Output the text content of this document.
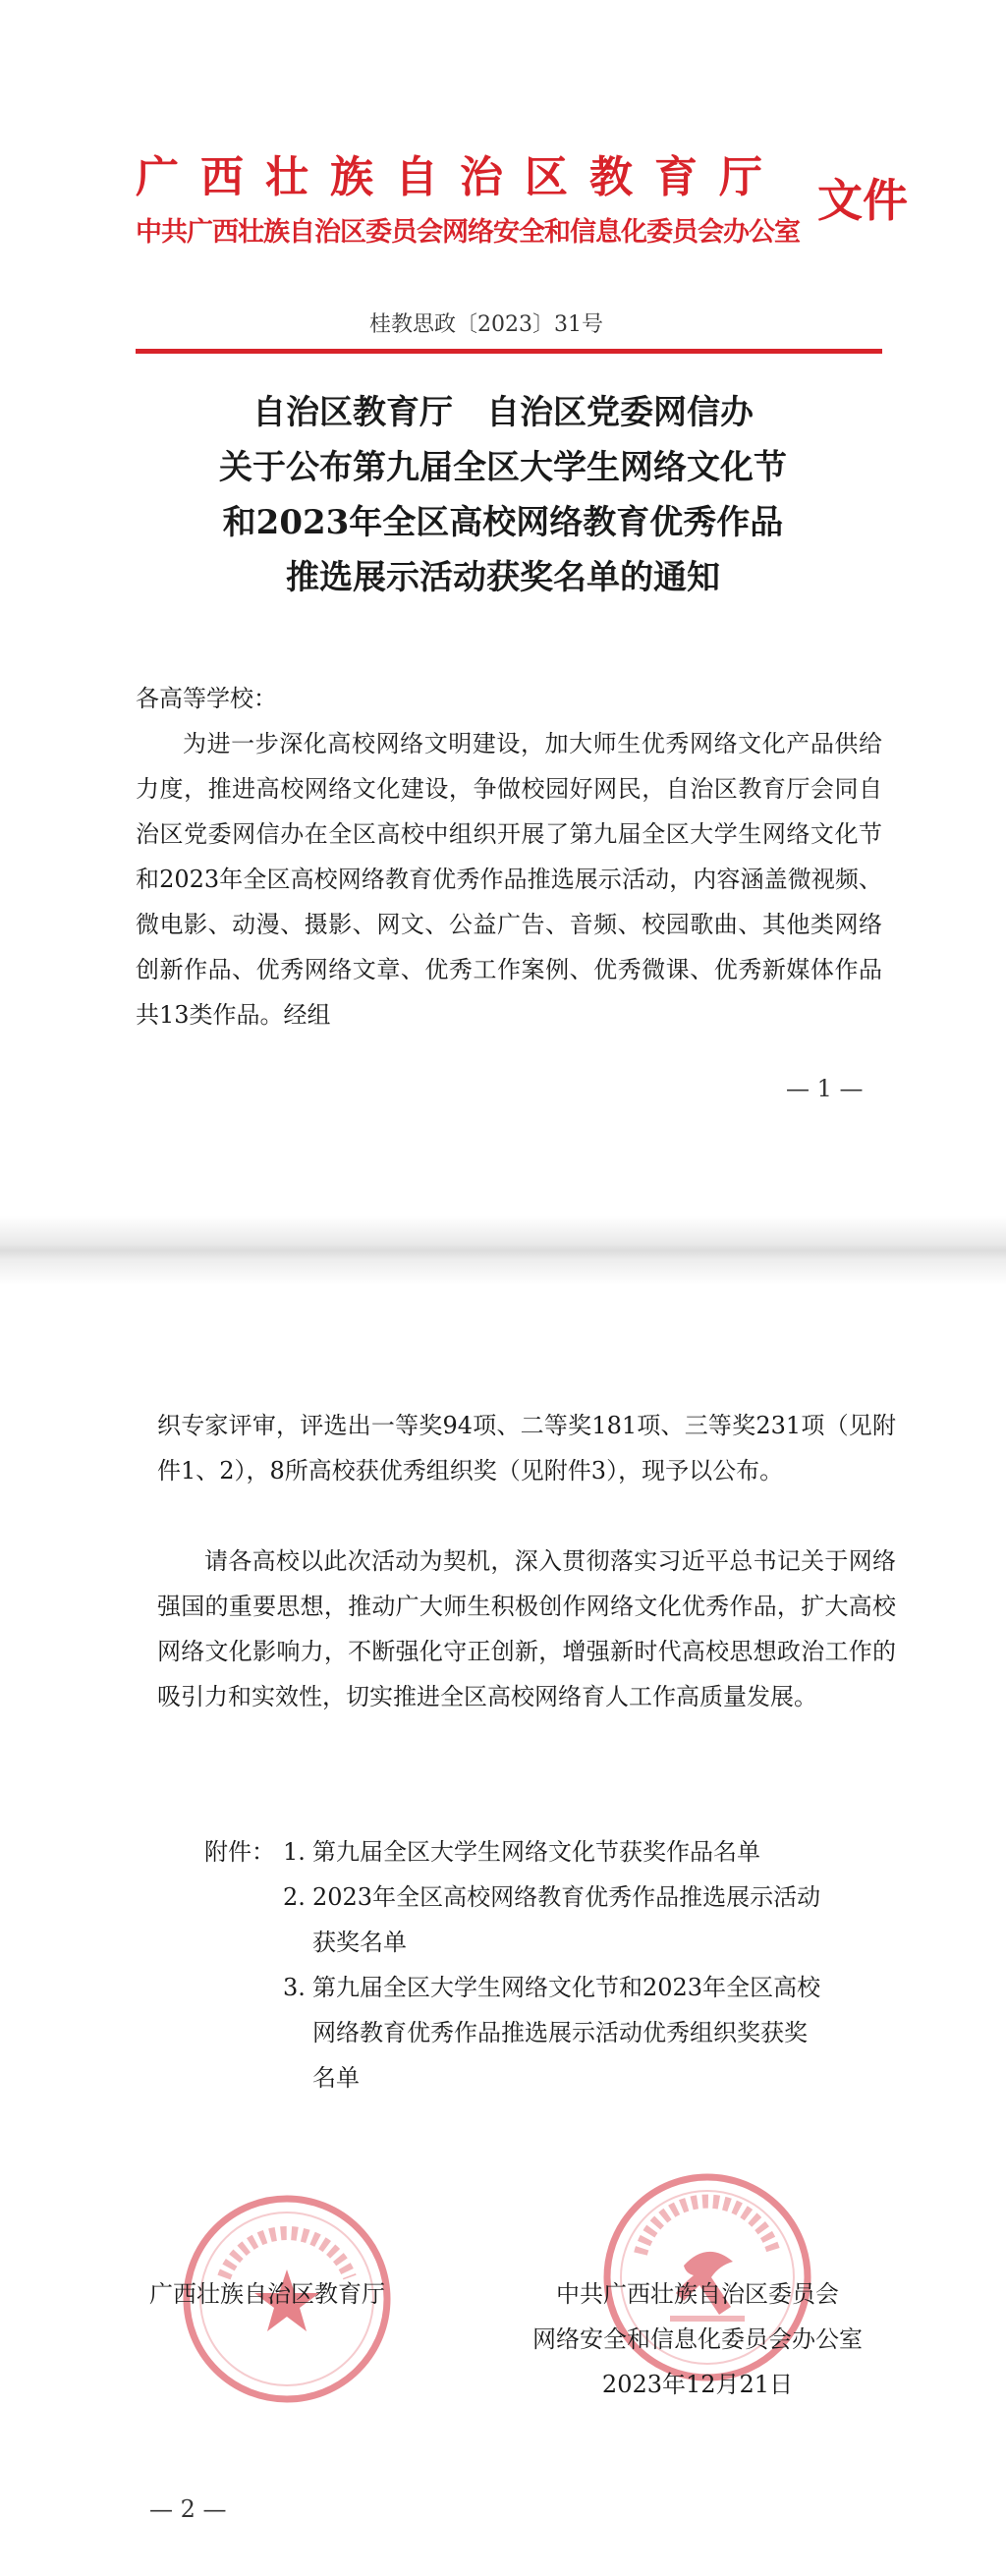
广西壮族自治区教育厅
中共广西壮族自治区委员会网络安全和信息化委员会办公室
文件
桂教思政〔2023〕31号
自治区教育厅　自治区党委网信办
关于公布第九届全区大学生网络文化节
和2023年全区高校网络教育优秀作品
推选展示活动获奖名单的通知
各高等学校：
为进一步深化高校网络文明建设，加大师生优秀网络文化产品供给力度，推进高校网络文化建设，争做校园好网民，自治区教育厅会同自治区党委网信办在全区高校中组织开展了第九届全区大学生网络文化节和2023年全区高校网络教育优秀作品推选展示活动，内容涵盖微视频、微电影、动漫、摄影、网文、公益广告、音频、校园歌曲、其他类网络创新作品、优秀网络文章、优秀工作案例、优秀微课、优秀新媒体作品共13类作品。经组
— 1 —
织专家评审，评选出一等奖94项、二等奖181项、三等奖231项（见附件1、2），8所高校获优秀组织奖（见附件3），现予以公布。
请各高校以此次活动为契机，深入贯彻落实习近平总书记关于网络强国的重要思想，推动广大师生积极创作网络文化优秀作品，扩大高校网络文化影响力，不断强化守正创新，增强新时代高校思想政治工作的吸引力和实效性，切实推进全区高校网络育人工作高质量发展。
附件： 1. 第九届全区大学生网络文化节获奖作品名单
2. 2023年全区高校网络教育优秀作品推选展示活动
获奖名单
3. 第九届全区大学生网络文化节和2023年全区高校
网络教育优秀作品推选展示活动优秀组织奖获奖
名单
广西壮族自治区教育厅	中共广西壮族自治区委员会
网络安全和信息化委员会办公室
2023年12月21日
— 2 —
